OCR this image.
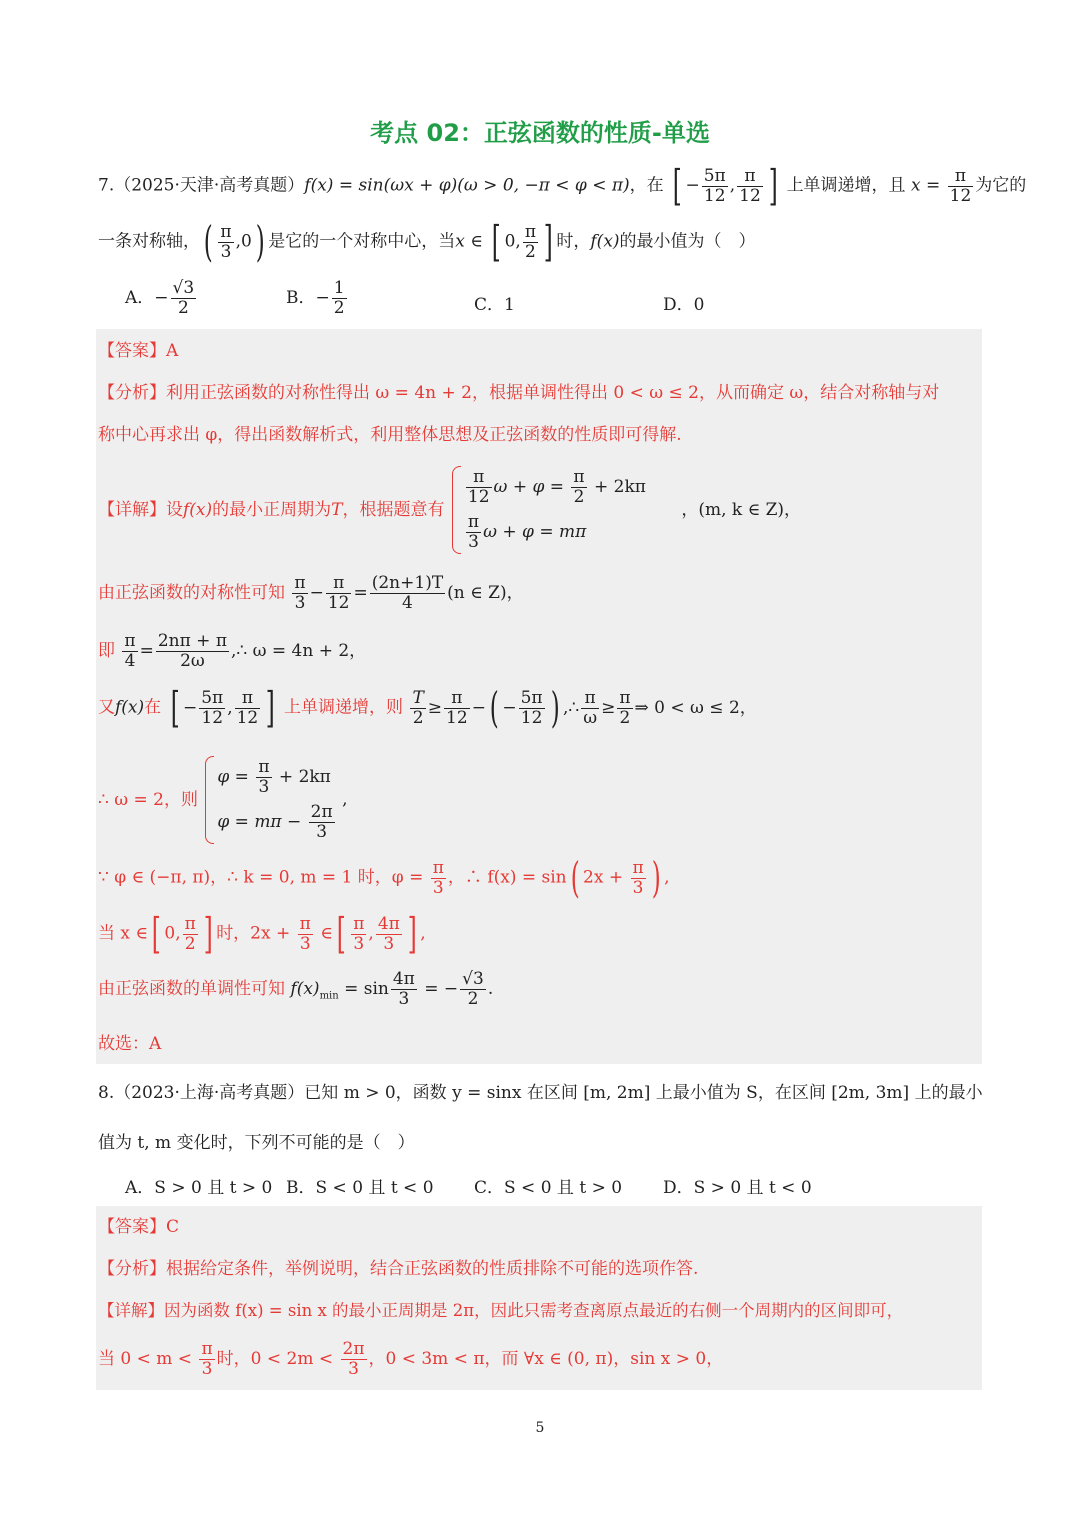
考点 02：正弦函数的性质-单选
7.（2025·天津·高考真题）f(x) = sin(ωx + φ)(ω > 0, −π < φ < π)，在 [ − $\frac{5\pi}{12}$ , $\frac{\pi}{12}$ ] 上单调递增，且 $x = \frac{\pi}{12}$ 为它的
一条对称轴，( $\frac{\pi}{3} ,0$) 是它的一个对称中心，当x ∈ [ 0, $\frac{\pi}{2}$ ] 时，f(x)的最小值为（　）
A．− $\frac{√3}{2}$	B．− $\frac{1}{2}$	C．1	D．0
【答案】A
【分析】利用正弦函数的对称性得出 ω = 4n + 2，根据单调性得出 0 < ω ≤ 2，从而确定 ω，结合对称轴与对
称中心再求出 φ，得出函数解析式，利用整体思想及正弦函数的性质即可得解.
【详解】设f(x)的最小正周期为T，根据题意有
$\frac{\pi}{12}$ $\omega + \varphi = \frac{\pi}{2} + 2k\pi$
$\frac{\pi}{3}$ ω + φ = mπ
，(m, k ∈ Z)，
由正弦函数的对称性可知 $\frac{\pi}{3} - \frac{\pi}{12} = \frac{(2n+1)T}{4} (n$ ∈ Z)，
即 $\frac{\pi}{4} = \frac{2n\pi + \pi}{2\omega}$ ,∴ ω = 4n + 2，
又f(x)在 [ − $\frac{5\pi}{12}$ , $\frac{\pi}{12}$ ] 上单调递增，则 $\frac{T}{2} \ge \frac{\pi}{12}$ −( − $\frac{5\pi}{12}$ ) ,∴ $\frac{\pi}{\omega} \ge \frac{\pi}{2}$ ⇒ 0 < ω ≤ 2，
∴ ω = 2，则
$\varphi = \frac{\pi}{3} + 2k\pi$
$\varphi = m\pi - \frac{2\pi}{3}$
,
∵ φ ∈ (−π, π)，∴ k = 0, m = 1 时，$\varphi = \frac{\pi}{3}$ ，∴ f(x) = sin( $2x + \frac{\pi}{3}$ ) ,
当 x ∈[ 0, $\frac{\pi}{2}$ ] 时，$2x + \frac{\pi}{3}$ ∈[ $\frac{\pi}{3}$ , $\frac{4\pi}{3}$ ] ,
由正弦函数的单调性可知 $f(x)_{min} = \sin \frac{4\pi}{3}$ = − $\frac{√3}{2}$ .
故选：A
8.（2023·上海·高考真题）已知 m > 0，函数 y = sinx 在区间 [m, 2m] 上最小值为 S，在区间 [2m, 3m] 上的最小
值为 t, m 变化时，下列不可能的是（　）
A．S > 0 且 t > 0 B．S < 0 且 t < 0 C．S < 0 且 t > 0 D．S > 0 且 t < 0
【答案】C
【分析】根据给定条件，举例说明，结合正弦函数的性质排除不可能的选项作答.
【详解】因为函数 f(x) = sin x 的最小正周期是 2π，因此只需考查离原点最近的右侧一个周期内的区间即可，
当 $0 < m < \frac{\pi}{3}$ 时，$0 < 2m < \frac{2\pi}{3}$ ，0 < 3m < π，而 ∀x ∈ (0, π)，sin x > 0，
5
